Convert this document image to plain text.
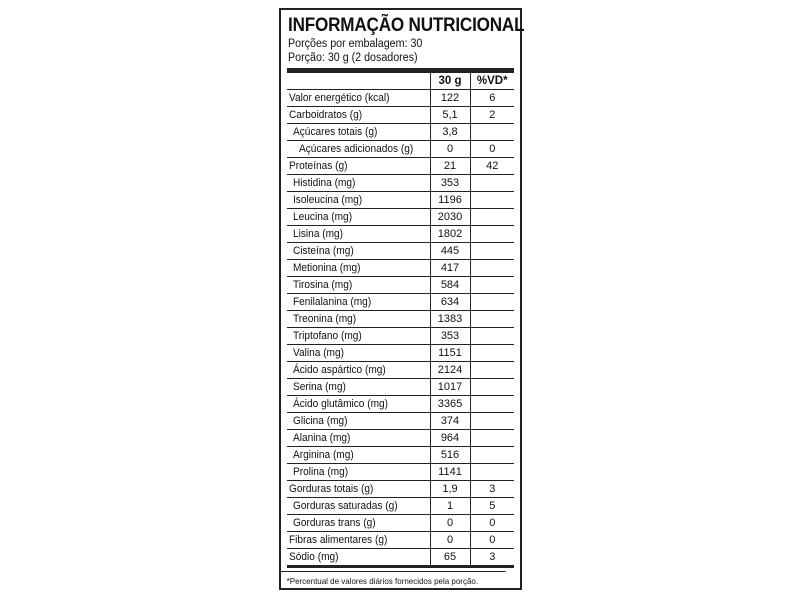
INFORMAÇÃO NUTRICIONAL
Porções por embalagem: 30
Porção: 30 g (2 dosadores)
	30 g	%VD*
Valor energético (kcal)	122	6
Carboidratos (g)	5,1	2
Açúcares totais (g)	3,8	
Açúcares adicionados (g)	0	0
Proteínas (g)	21	42
Histidina (mg)	353	
Isoleucina (mg)	1196	
Leucina (mg)	2030	
Lisina (mg)	1802	
Cisteína (mg)	445	
Metionina (mg)	417	
Tirosina (mg)	584	
Fenilalanina (mg)	634	
Treonina (mg)	1383	
Triptofano (mg)	353	
Valina (mg)	1151	
Ácido aspártico (mg)	2124	
Serina (mg)	1017	
Ácido glutâmico (mg)	3365	
Glicina (mg)	374	
Alanina (mg)	964	
Arginina (mg)	516	
Prolina (mg)	1141	
Gorduras totais (g)	1,9	3
Gorduras saturadas (g)	1	5
Gorduras trans (g)	0	0
Fibras alimentares (g)	0	0
Sódio (mg)	65	3
*Percentual de valores diários fornecidos pela porção.
